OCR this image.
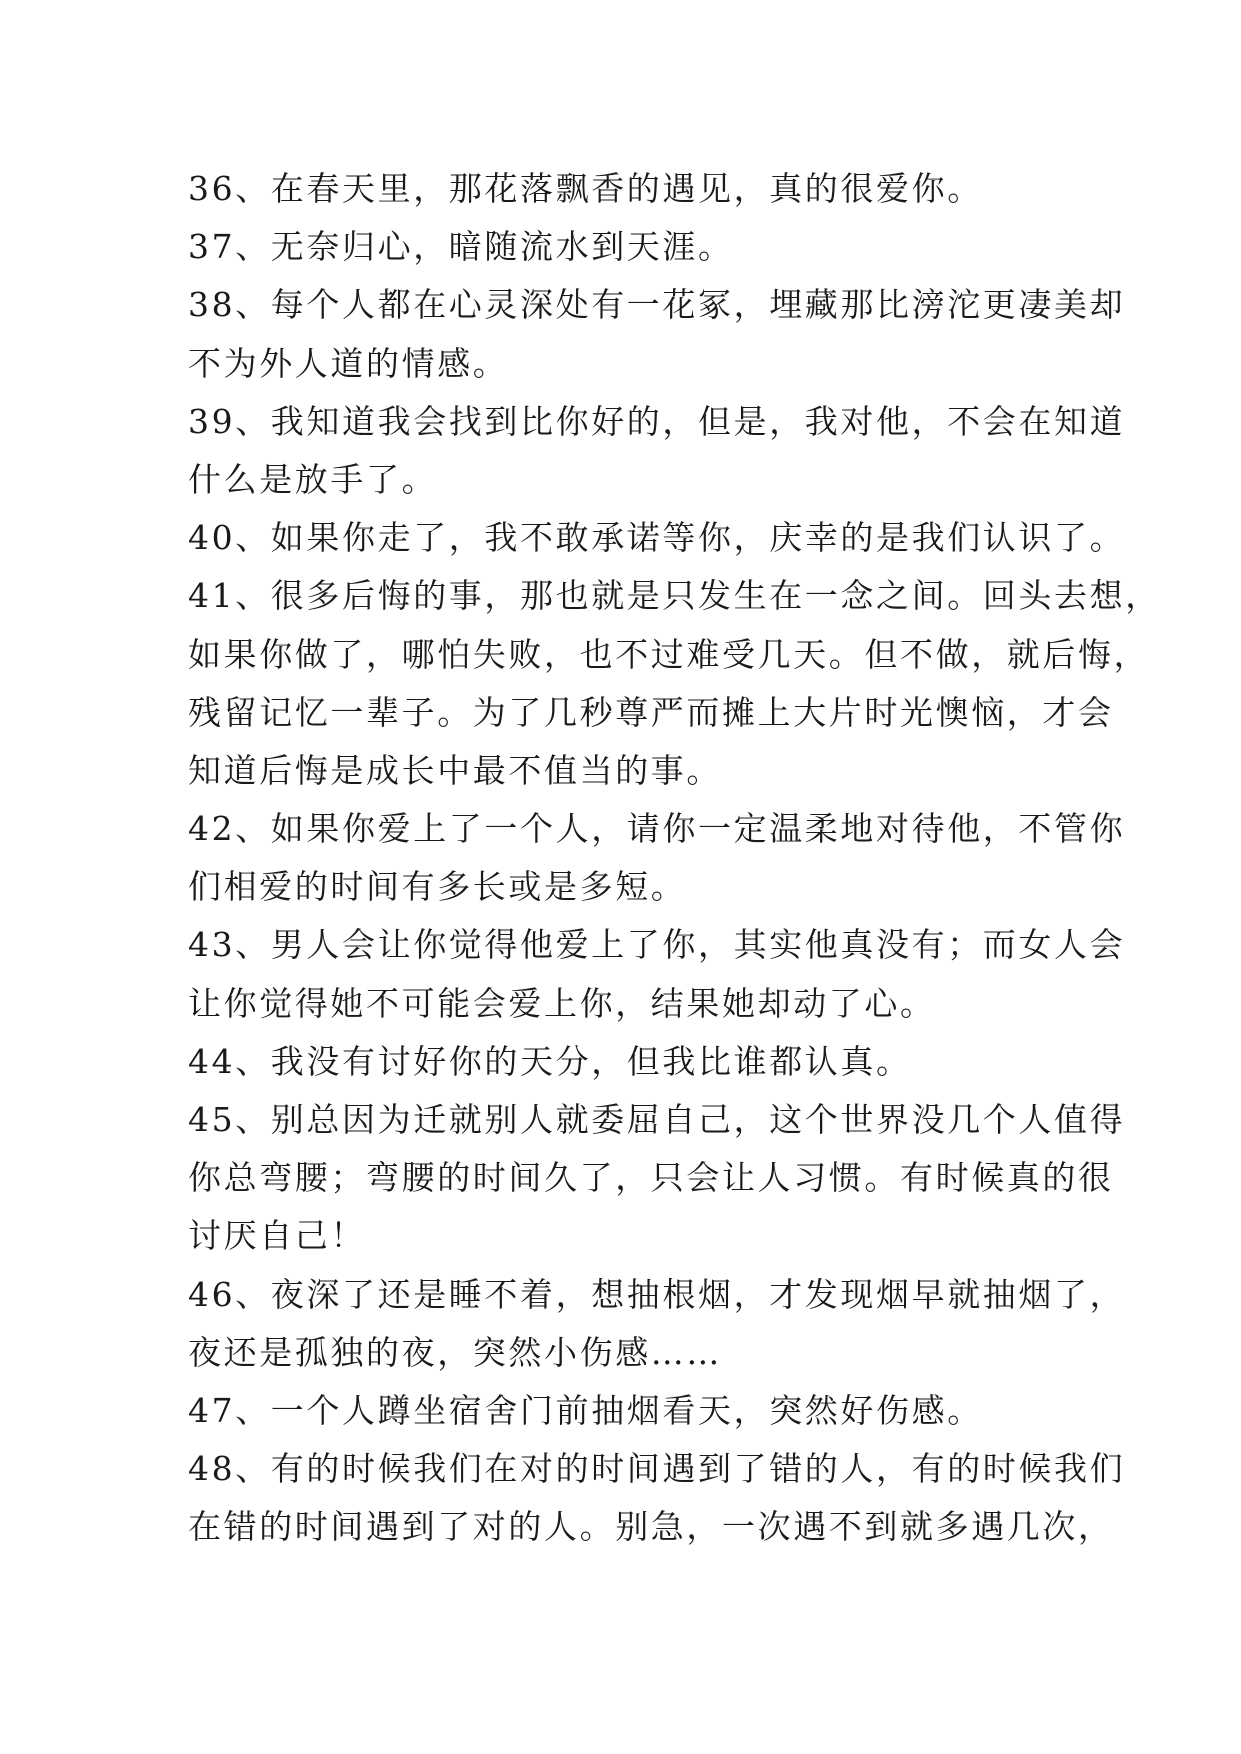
36、在春天里，那花落飘香的遇见，真的很爱你。
37、无奈归心，暗随流水到天涯。
38、每个人都在心灵深处有一花冢，埋藏那比滂沱更凄美却
不为外人道的情感。
39、我知道我会找到比你好的，但是，我对他，不会在知道
什么是放手了。
40、如果你走了，我不敢承诺等你，庆幸的是我们认识了。
41、很多后悔的事，那也就是只发生在一念之间。回头去想，
如果你做了，哪怕失败，也不过难受几天。但不做，就后悔，
残留记忆一辈子。为了几秒尊严而摊上大片时光懊恼，才会
知道后悔是成长中最不值当的事。
42、如果你爱上了一个人，请你一定温柔地对待他，不管你
们相爱的时间有多长或是多短。
43、男人会让你觉得他爱上了你，其实他真没有；而女人会
让你觉得她不可能会爱上你，结果她却动了心。
44、我没有讨好你的天分，但我比谁都认真。
45、别总因为迁就别人就委屈自己，这个世界没几个人值得
你总弯腰；弯腰的时间久了，只会让人习惯。有时候真的很
讨厌自己！
46、夜深了还是睡不着，想抽根烟，才发现烟早就抽烟了，
夜还是孤独的夜，突然小伤感……
47、一个人蹲坐宿舍门前抽烟看天，突然好伤感。
48、有的时候我们在对的时间遇到了错的人，有的时候我们
在错的时间遇到了对的人。别急，一次遇不到就多遇几次，
